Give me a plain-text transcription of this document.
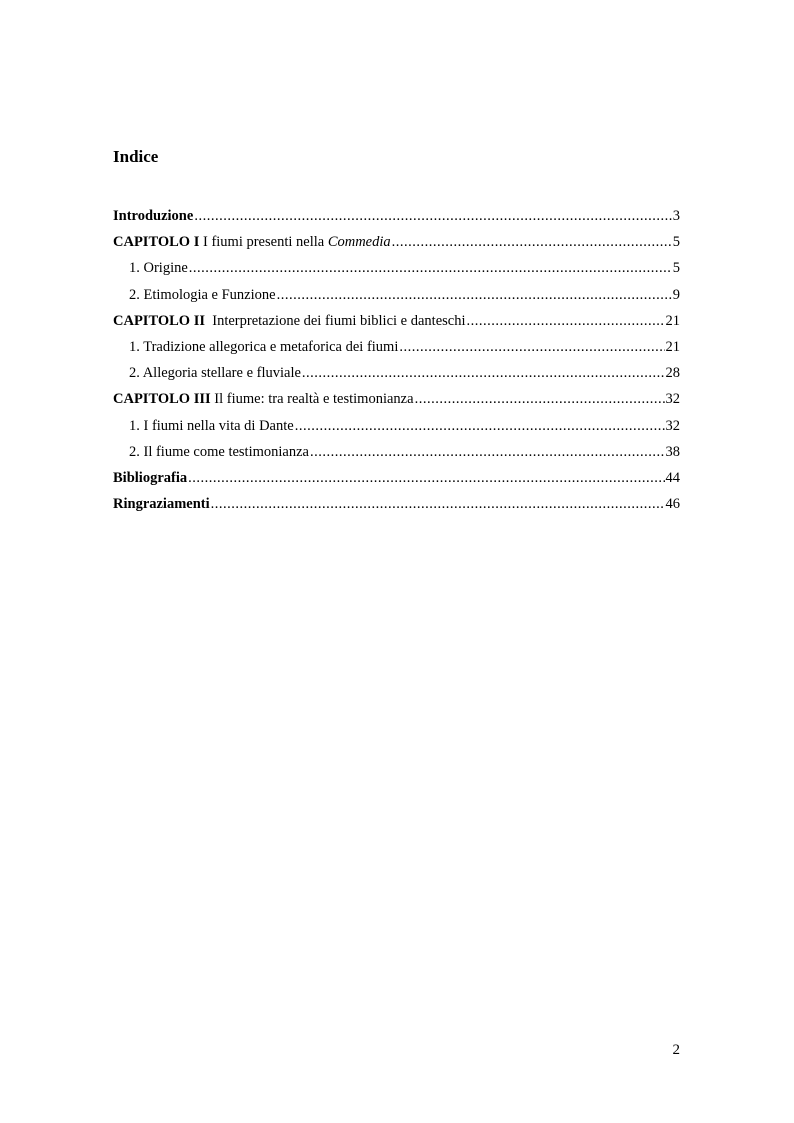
Indice
Introduzione .....	3
CAPITOLO I I fiumi presenti nella Commedia .....	5
1. Origine .....	5
2. Etimologia e Funzione .....	9
CAPITOLO II  Interpretazione dei fiumi biblici e danteschi .....	21
1. Tradizione allegorica e metaforica dei fiumi .....	21
2. Allegoria stellare e fluviale .....	28
CAPITOLO III Il fiume: tra realtà e testimonianza .....	32
1. I fiumi nella vita di Dante .....	32
2. Il fiume come testimonianza .....	38
Bibliografia .....	44
Ringraziamenti .....	46
2
